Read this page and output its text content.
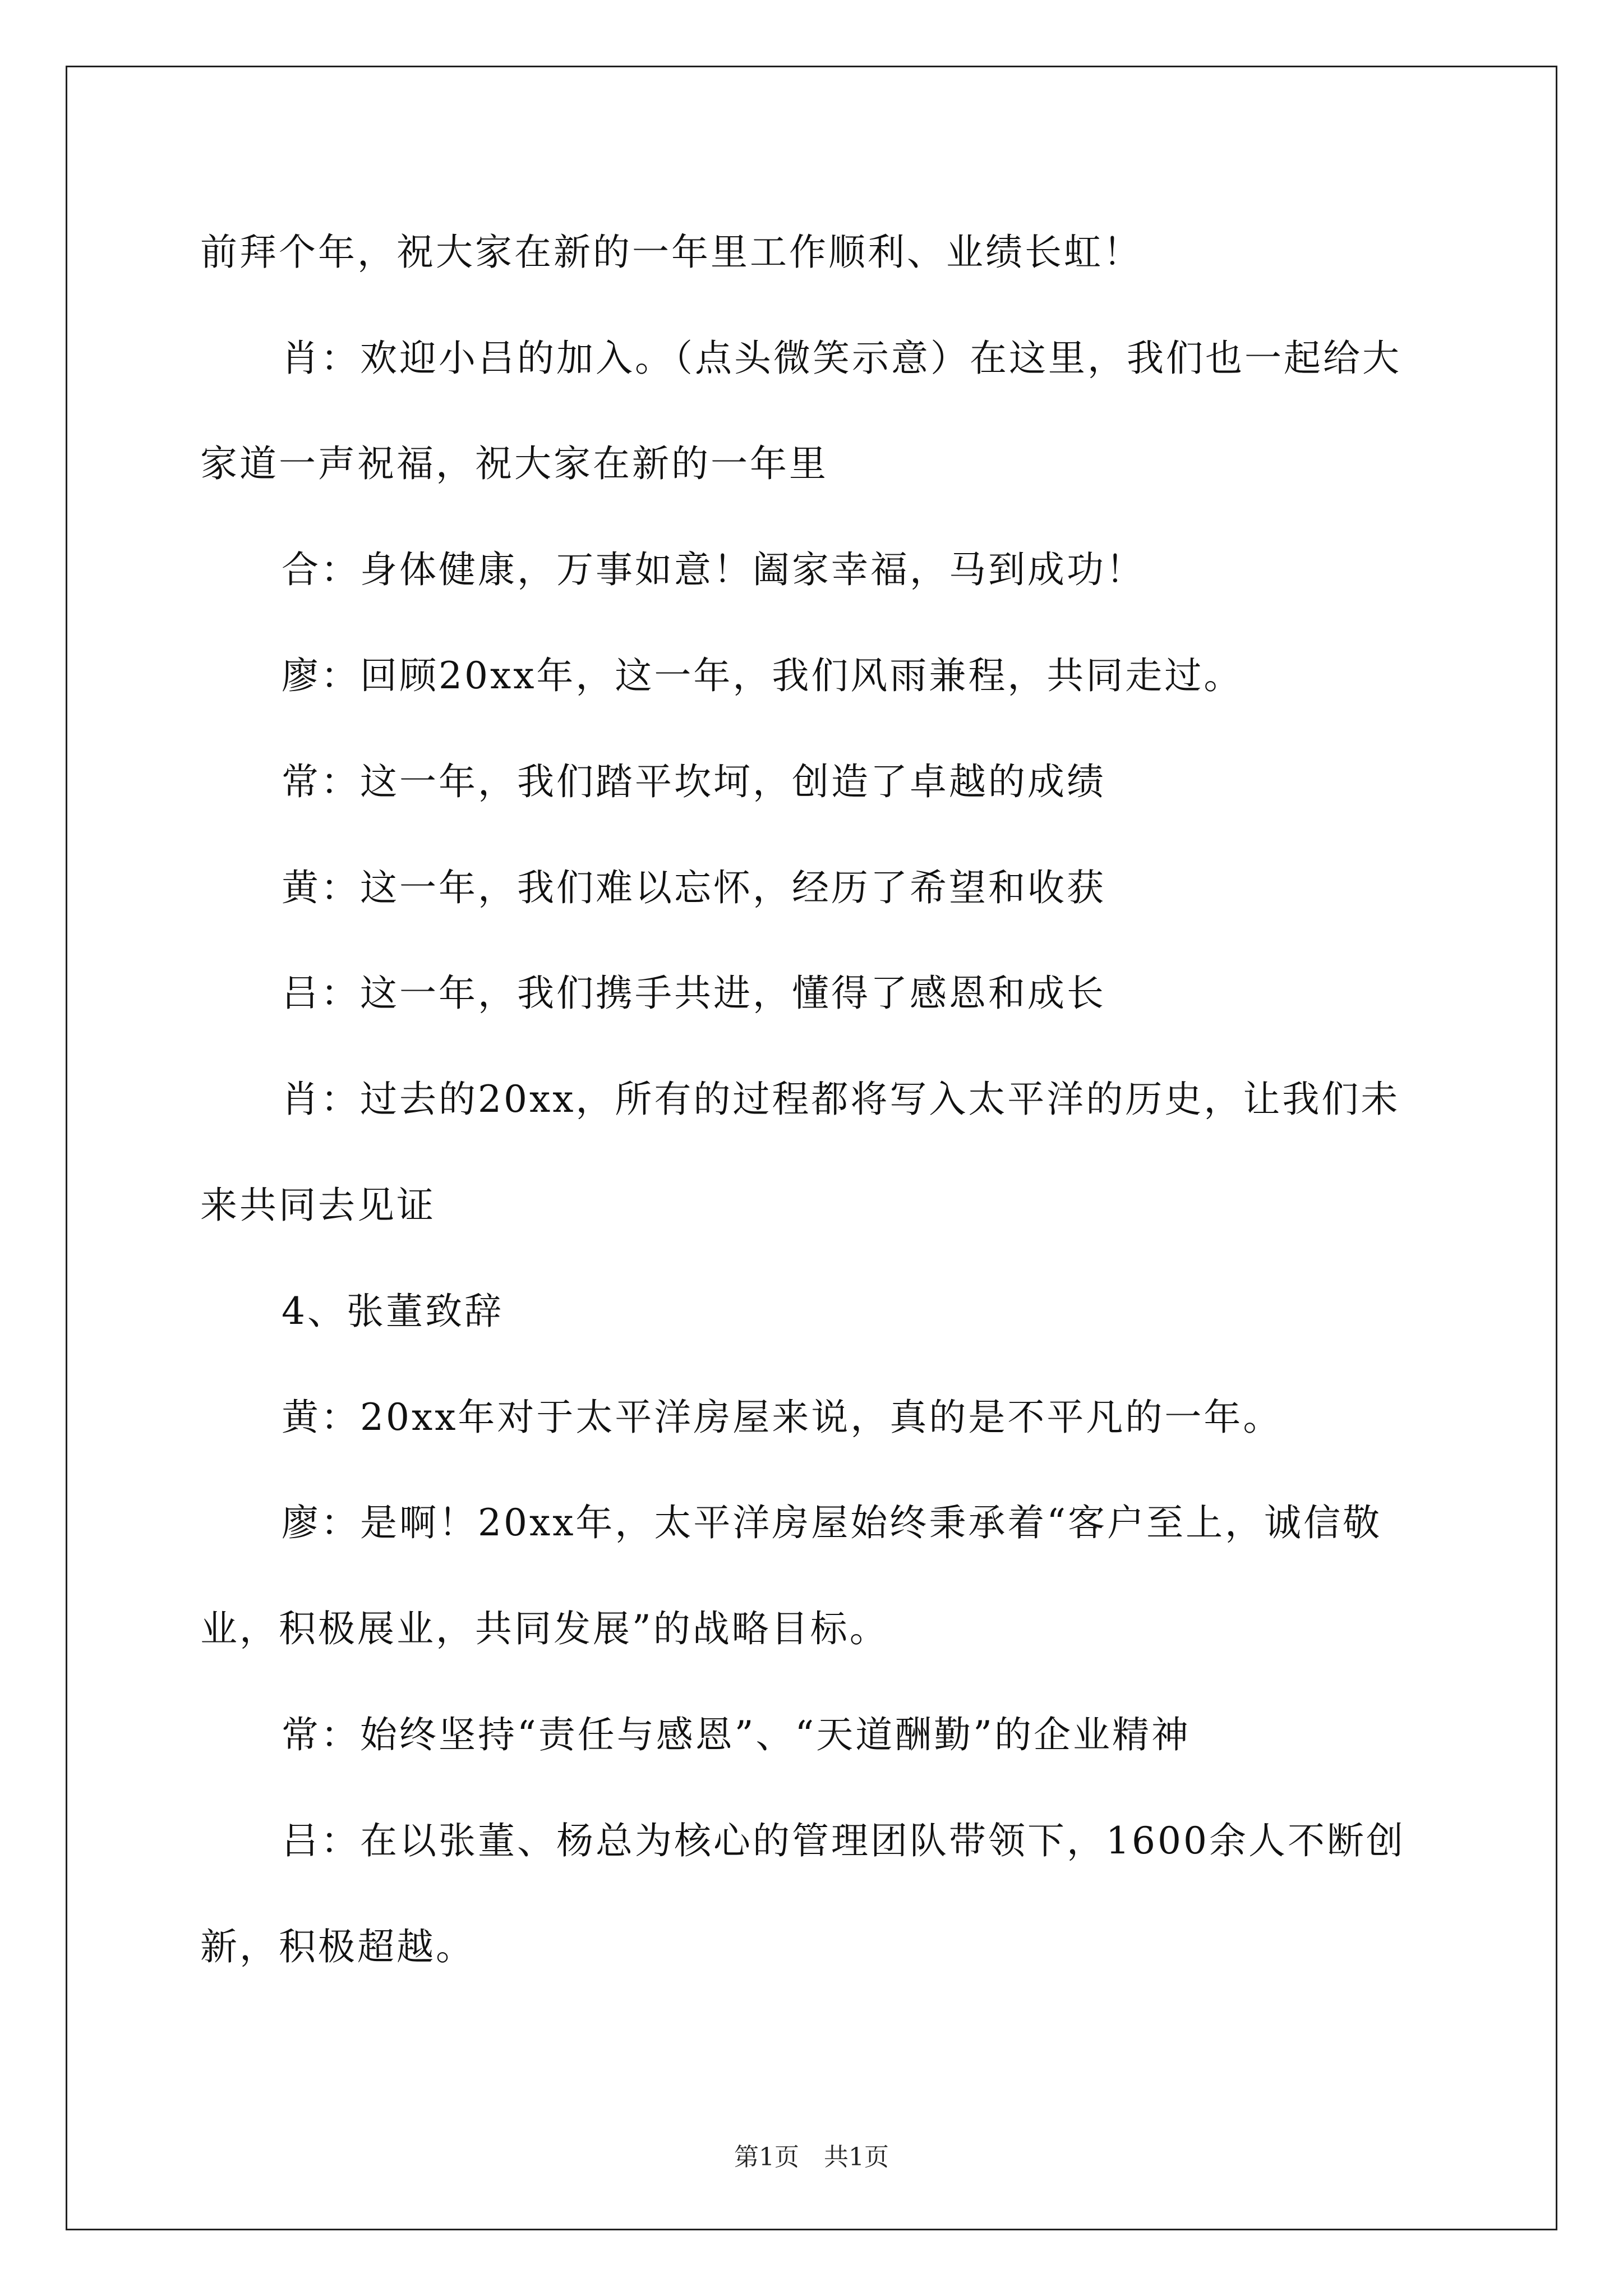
前拜个年，祝大家在新的一年里工作顺利、业绩长虹！
肖：欢迎小吕的加入。（点头微笑示意）在这里，我们也一起给大
家道一声祝福，祝大家在新的一年里
合：身体健康，万事如意！阖家幸福，马到成功！
廖：回顾20xx年，这一年，我们风雨兼程，共同走过。
常：这一年，我们踏平坎坷，创造了卓越的成绩
黄：这一年，我们难以忘怀，经历了希望和收获
吕：这一年，我们携手共进，懂得了感恩和成长
肖：过去的20xx，所有的过程都将写入太平洋的历史，让我们未
来共同去见证
4、张董致辞
黄：20xx年对于太平洋房屋来说，真的是不平凡的一年。
廖：是啊！20xx年，太平洋房屋始终秉承着“客户至上，诚信敬
业，积极展业，共同发展”的战略目标。
常：始终坚持“责任与感恩”、“天道酬勤”的企业精神
吕：在以张董、杨总为核心的管理团队带领下，1600余人不断创
新，积极超越。
第1页　共1页
